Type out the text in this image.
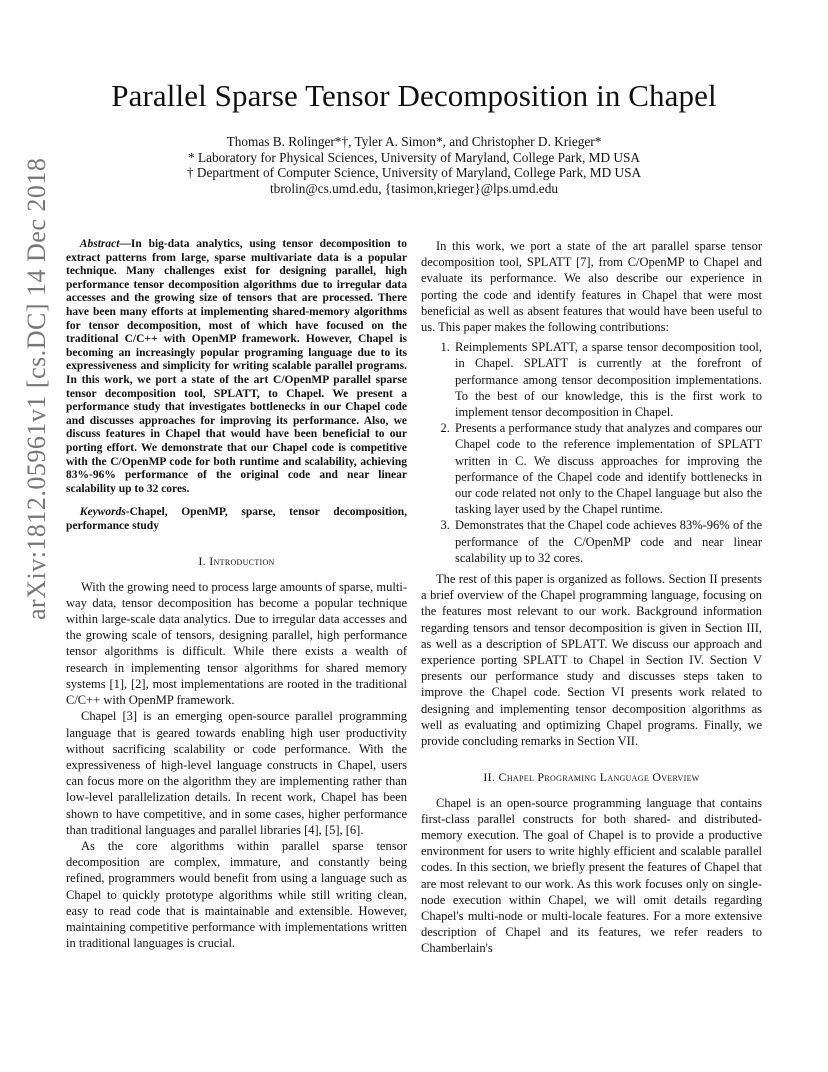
arXiv:1812.05961v1 [cs.DC] 14 Dec 2018
Parallel Sparse Tensor Decomposition in Chapel
Thomas B. Rolinger*†, Tyler A. Simon*, and Christopher D. Krieger*
* Laboratory for Physical Sciences, University of Maryland, College Park, MD USA
† Department of Computer Science, University of Maryland, College Park, MD USA
tbrolin@cs.umd.edu, {tasimon,krieger}@lps.umd.edu

Abstract—In big-data analytics, using tensor decomposition to extract patterns from large, sparse multivariate data is a popular technique. Many challenges exist for designing parallel, high performance tensor decomposition algorithms due to irregular data accesses and the growing size of tensors that are processed. There have been many efforts at implementing shared-memory algorithms for tensor decomposition, most of which have focused on the traditional C/C++ with OpenMP framework. However, Chapel is becoming an increasingly popular programing language due to its expressiveness and simplicity for writing scalable parallel programs. In this work, we port a state of the art C/OpenMP parallel sparse tensor decomposition tool, SPLATT, to Chapel. We present a performance study that investigates bottlenecks in our Chapel code and discusses approaches for improving its performance. Also, we discuss features in Chapel that would have been beneficial to our porting effort. We demonstrate that our Chapel code is competitive with the C/OpenMP code for both runtime and scalability, achieving 83%-96% performance of the original code and near linear scalability up to 32 cores.

Keywords-Chapel, OpenMP, sparse, tensor decomposition, performance study

I. Introduction

With the growing need to process large amounts of sparse, multi-way data, tensor decomposition has become a popular technique within large-scale data analytics. Due to irregular data accesses and the growing scale of tensors, designing parallel, high performance tensor algorithms is difficult. While there exists a wealth of research in implementing tensor algorithms for shared memory systems [1], [2], most implementations are rooted in the traditional C/C++ with OpenMP framework.

Chapel [3] is an emerging open-source parallel programming language that is geared towards enabling high user productivity without sacrificing scalability or code performance. With the expressiveness of high-level language constructs in Chapel, users can focus more on the algorithm they are implementing rather than low-level parallelization details. In recent work, Chapel has been shown to have competitive, and in some cases, higher performance than traditional languages and parallel libraries [4], [5], [6].

As the core algorithms within parallel sparse tensor decomposition are complex, immature, and constantly being refined, programmers would benefit from using a language such as Chapel to quickly prototype algorithms while still writing clean, easy to read code that is maintainable and extensible. However, maintaining competitive performance with implementations written in traditional languages is crucial.

In this work, we port a state of the art parallel sparse tensor decomposition tool, SPLATT [7], from C/OpenMP to Chapel and evaluate its performance. We also describe our experience in porting the code and identify features in Chapel that were most beneficial as well as absent features that would have been useful to us. This paper makes the following contributions:

1. Reimplements SPLATT, a sparse tensor decomposition tool, in Chapel. SPLATT is currently at the forefront of performance among tensor decomposition implementations. To the best of our knowledge, this is the first work to implement tensor decomposition in Chapel.
2. Presents a performance study that analyzes and compares our Chapel code to the reference implementation of SPLATT written in C. We discuss approaches for improving the performance of the Chapel code and identify bottlenecks in our code related not only to the Chapel language but also the tasking layer used by the Chapel runtime.
3. Demonstrates that the Chapel code achieves 83%-96% of the performance of the C/OpenMP code and near linear scalability up to 32 cores.

The rest of this paper is organized as follows. Section II presents a brief overview of the Chapel programming language, focusing on the features most relevant to our work. Background information regarding tensors and tensor decomposition is given in Section III, as well as a description of SPLATT. We discuss our approach and experience porting SPLATT to Chapel in Section IV. Section V presents our performance study and discusses steps taken to improve the Chapel code. Section VI presents work related to designing and implementing tensor decomposition algorithms as well as evaluating and optimizing Chapel programs. Finally, we provide concluding remarks in Section VII.

II. Chapel Programing Language Overview

Chapel is an open-source programming language that contains first-class parallel constructs for both shared- and distributed-memory execution. The goal of Chapel is to provide a productive environment for users to write highly efficient and scalable parallel codes. In this section, we briefly present the features of Chapel that are most relevant to our work. As this work focuses only on single-node execution within Chapel, we will omit details regarding Chapel's multi-node or multi-locale features. For a more extensive description of Chapel and its features, we refer readers to Chamberlain's
